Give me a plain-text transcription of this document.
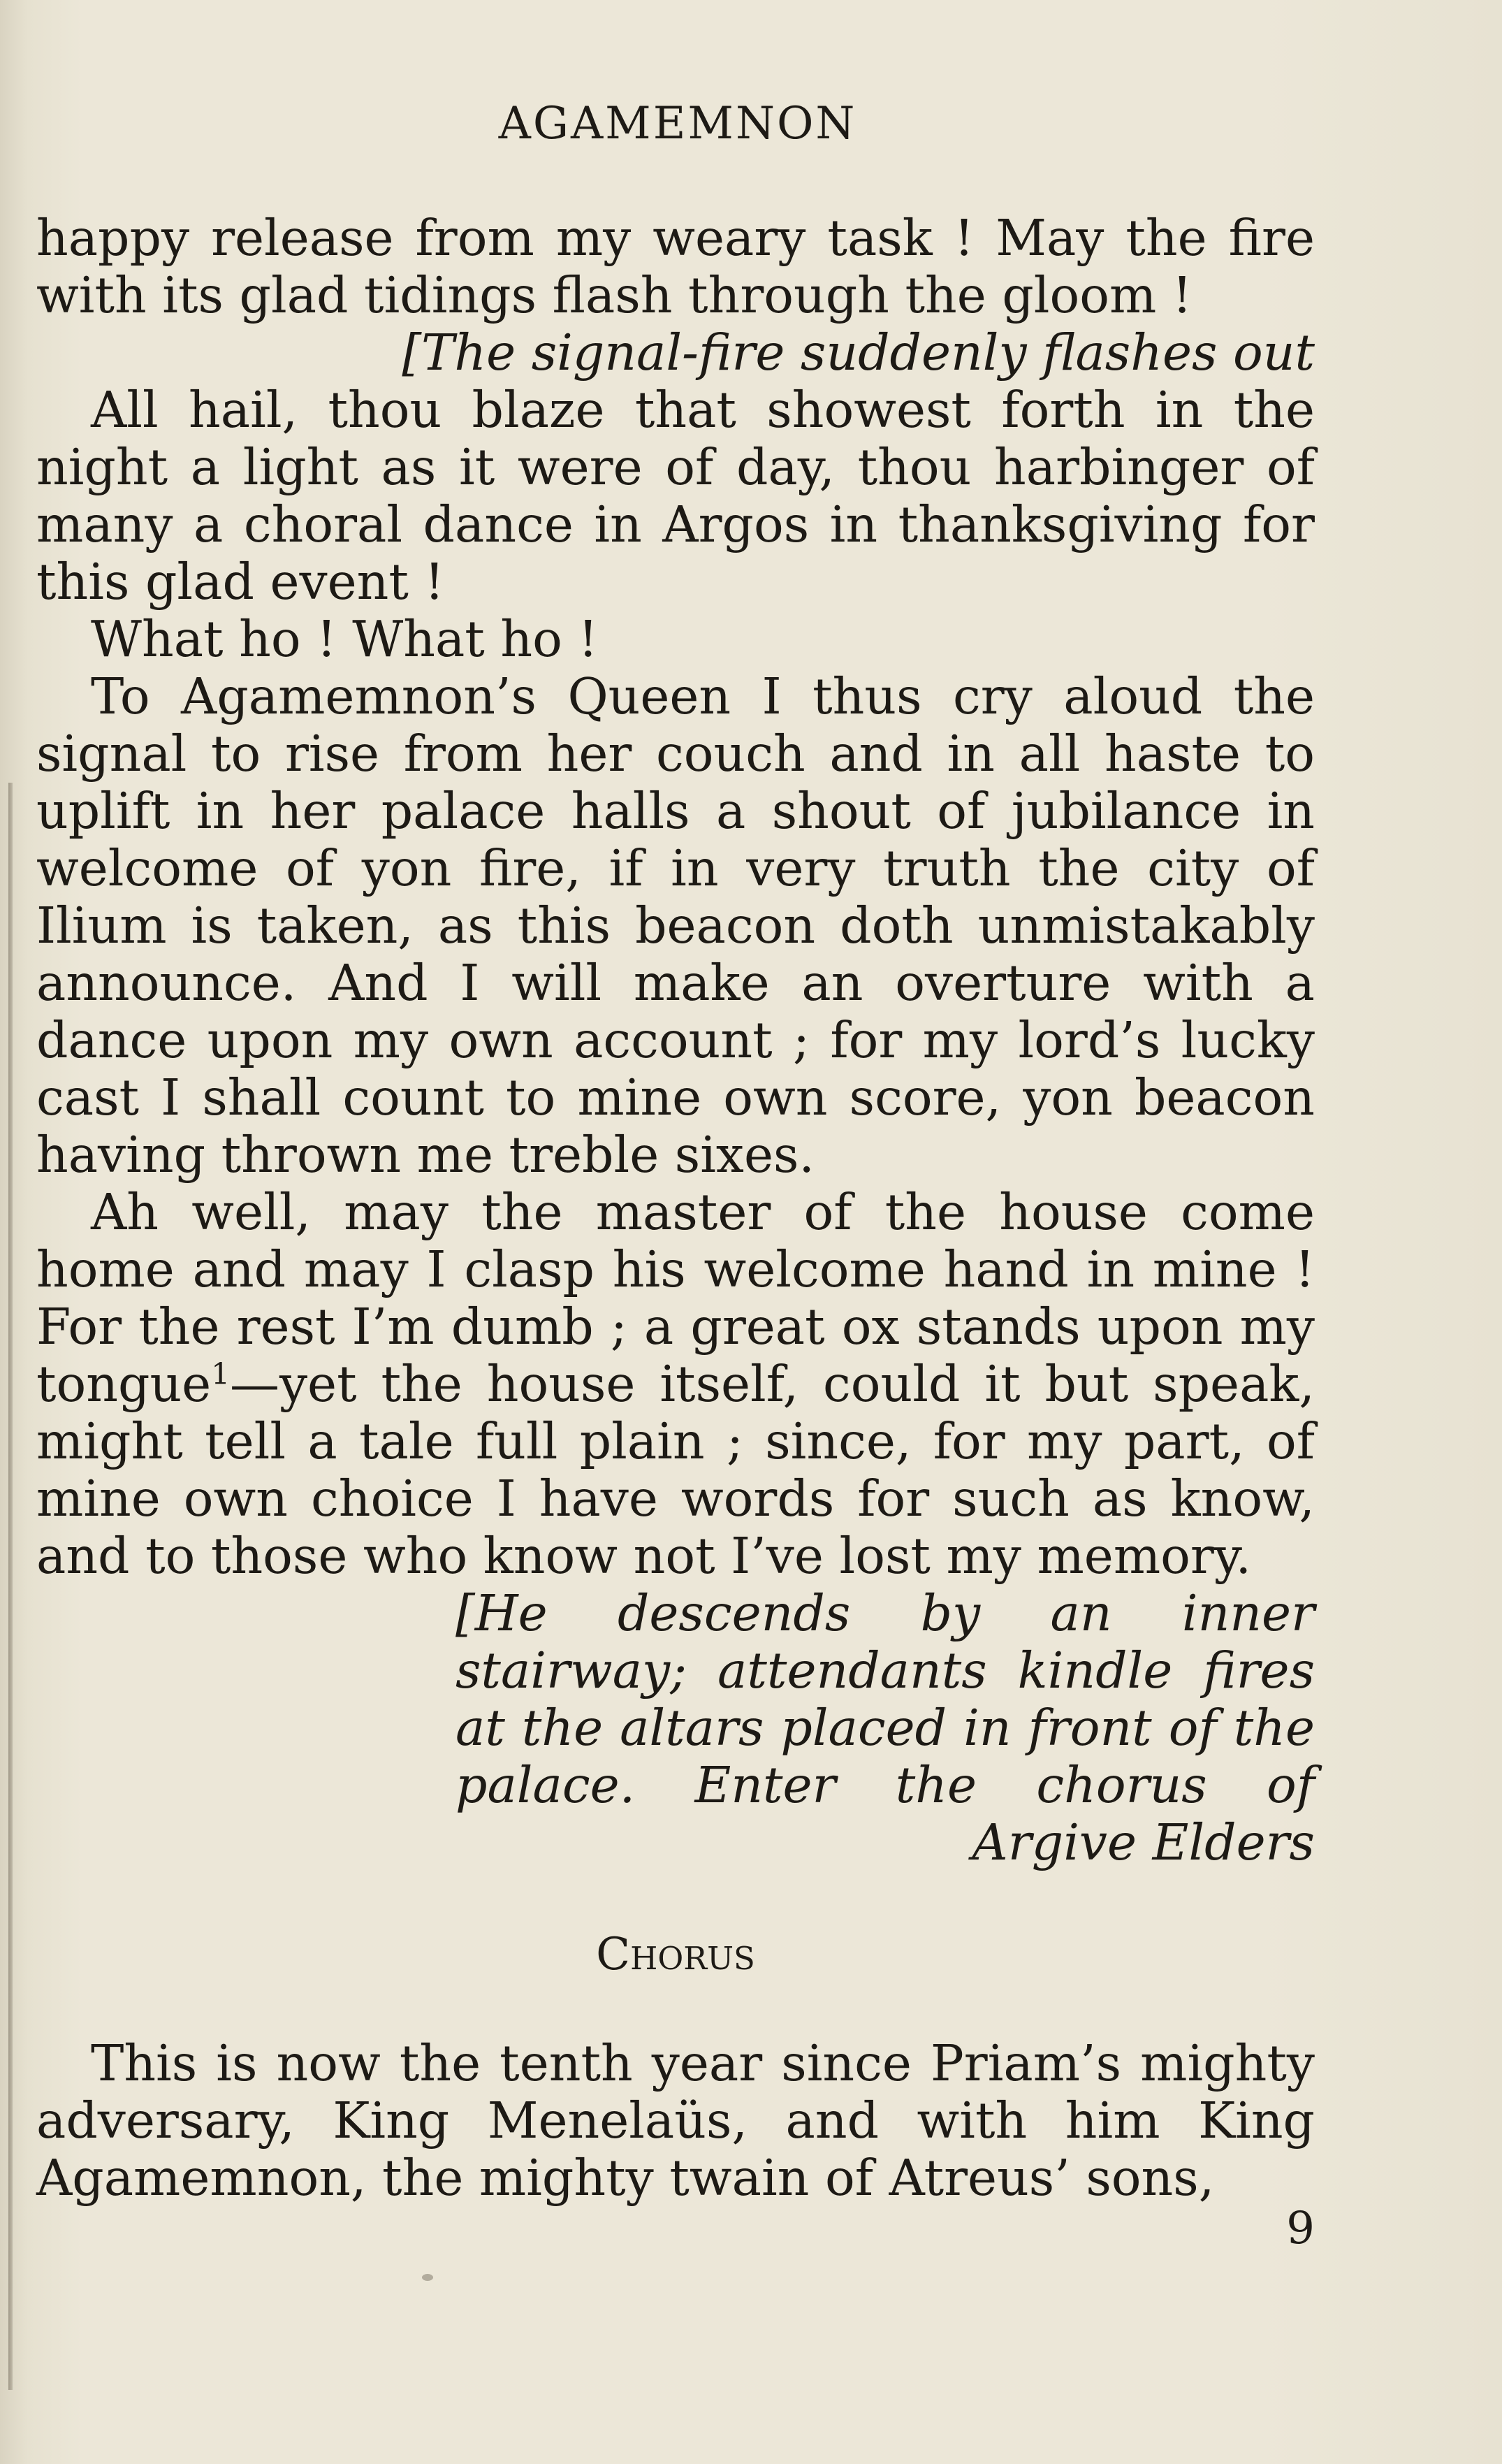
AGAMEMNON

happy release from my weary task ! May the fire with its glad tidings flash through the gloom !

[The signal-fire suddenly flashes out

All hail, thou blaze that showest forth in the night a light as it were of day, thou harbinger of many a choral dance in Argos in thanksgiving for this glad event !

What ho ! What ho !

To Agamemnon’s Queen I thus cry aloud the signal to rise from her couch and in all haste to uplift in her palace halls a shout of jubilance in welcome of yon fire, if in very truth the city of Ilium is taken, as this beacon doth unmistakably announce. And I will make an overture with a dance upon my own account ; for my lord’s lucky cast I shall count to mine own score, yon beacon having thrown me treble sixes.

Ah well, may the master of the house come home and may I clasp his welcome hand in mine ! For the rest I’m dumb ; a great ox stands upon my tongue$^1$—yet the house itself, could it but speak, might tell a tale full plain ; since, for my part, of mine own choice I have words for such as know, and to those who know not I’ve lost my memory.

[He descends by an inner stairway; attendants kindle fires at the altars placed in front of the palace. Enter the chorus of Argive Elders

Chorus

This is now the tenth year since Priam’s mighty adversary, King Menelaüs, and with him King Agamemnon, the mighty twain of Atreus’ sons,

9
